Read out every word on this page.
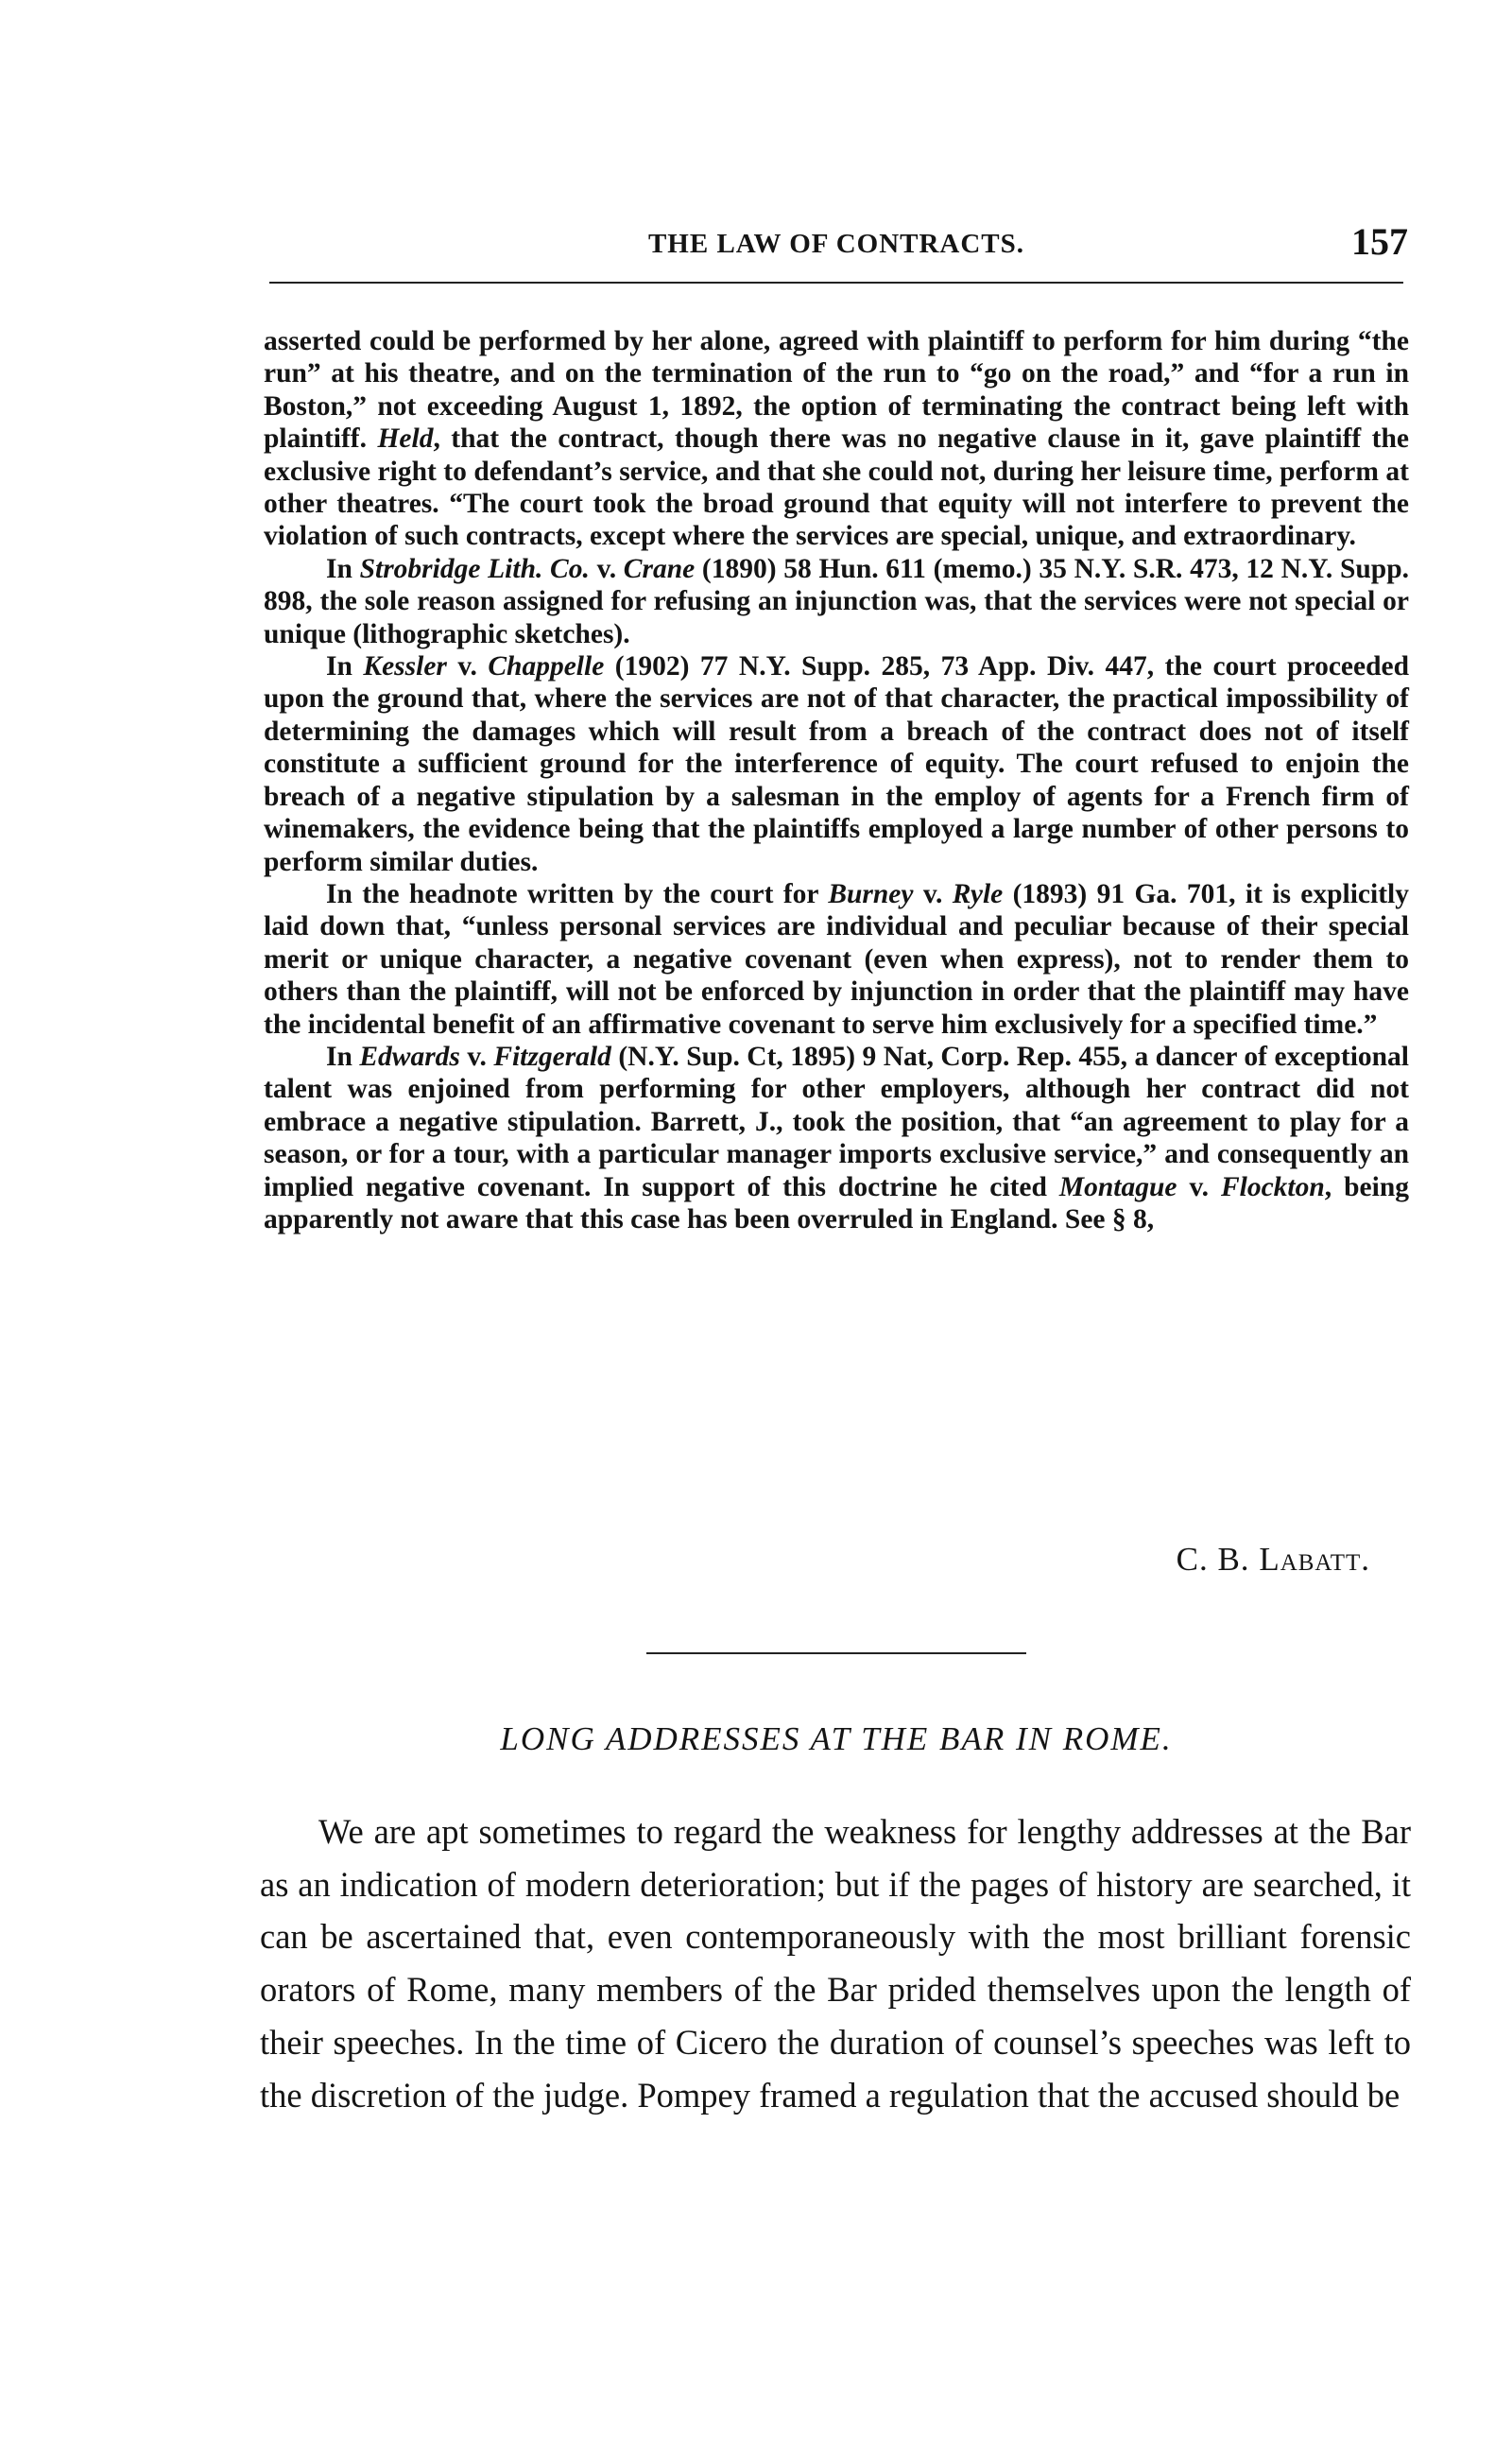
THE LAW OF CONTRACTS.	157

asserted could be performed by her alone, agreed with plaintiff to perform for him during “the run” at his theatre, and on the termination of the run to “go on the road,” and “for a run in Boston,” not exceeding August 1, 1892, the option of terminating the contract being left with plaintiff. Held, that the contract, though there was no negative clause in it, gave plaintiff the exclusive right to defendant’s service, and that she could not, during her leisure time, perform at other theatres. “The court took the broad ground that equity will not interfere to prevent the violation of such contracts, except where the services are special, unique, and extraordinary.

In Strobridge Lith. Co. v. Crane (1890) 58 Hun. 611 (memo.) 35 N.Y. S.R. 473, 12 N.Y. Supp. 898, the sole reason assigned for refusing an injunction was, that the services were not special or unique (lithographic sketches).

In Kessler v. Chappelle (1902) 77 N.Y. Supp. 285, 73 App. Div. 447, the court proceeded upon the ground that, where the services are not of that character, the practical impossibility of determining the damages which will result from a breach of the contract does not of itself constitute a sufficient ground for the interference of equity. The court refused to enjoin the breach of a negative stipulation by a salesman in the employ of agents for a French firm of winemakers, the evidence being that the plaintiffs employed a large number of other persons to perform similar duties.

In the headnote written by the court for Burney v. Ryle (1893) 91 Ga. 701, it is explicitly laid down that, “unless personal services are individual and peculiar because of their special merit or unique character, a negative covenant (even when express), not to render them to others than the plaintiff, will not be enforced by injunction in order that the plaintiff may have the incidental benefit of an affirmative covenant to serve him exclusively for a specified time.”

In Edwards v. Fitzgerald (N.Y. Sup. Ct, 1895) 9 Nat, Corp. Rep. 455, a dancer of exceptional talent was enjoined from performing for other employers, although her contract did not embrace a negative stipulation. Barrett, J., took the position, that “an agreement to play for a season, or for a tour, with a particular manager imports exclusive service,” and consequently an implied negative covenant. In support of this doctrine he cited Montague v. Flockton, being apparently not aware that this case has been overruled in England. See § 8,

C. B. Labatt.
LONG ADDRESSES AT THE BAR IN ROME.

We are apt sometimes to regard the weakness for lengthy addresses at the Bar as an indication of modern deterioration; but if the pages of history are searched, it can be ascertained that, even contemporaneously with the most brilliant forensic orators of Rome, many members of the Bar prided themselves upon the length of their speeches. In the time of Cicero the duration of counsel’s speeches was left to the discretion of the judge. Pompey framed a regulation that the accused should be
